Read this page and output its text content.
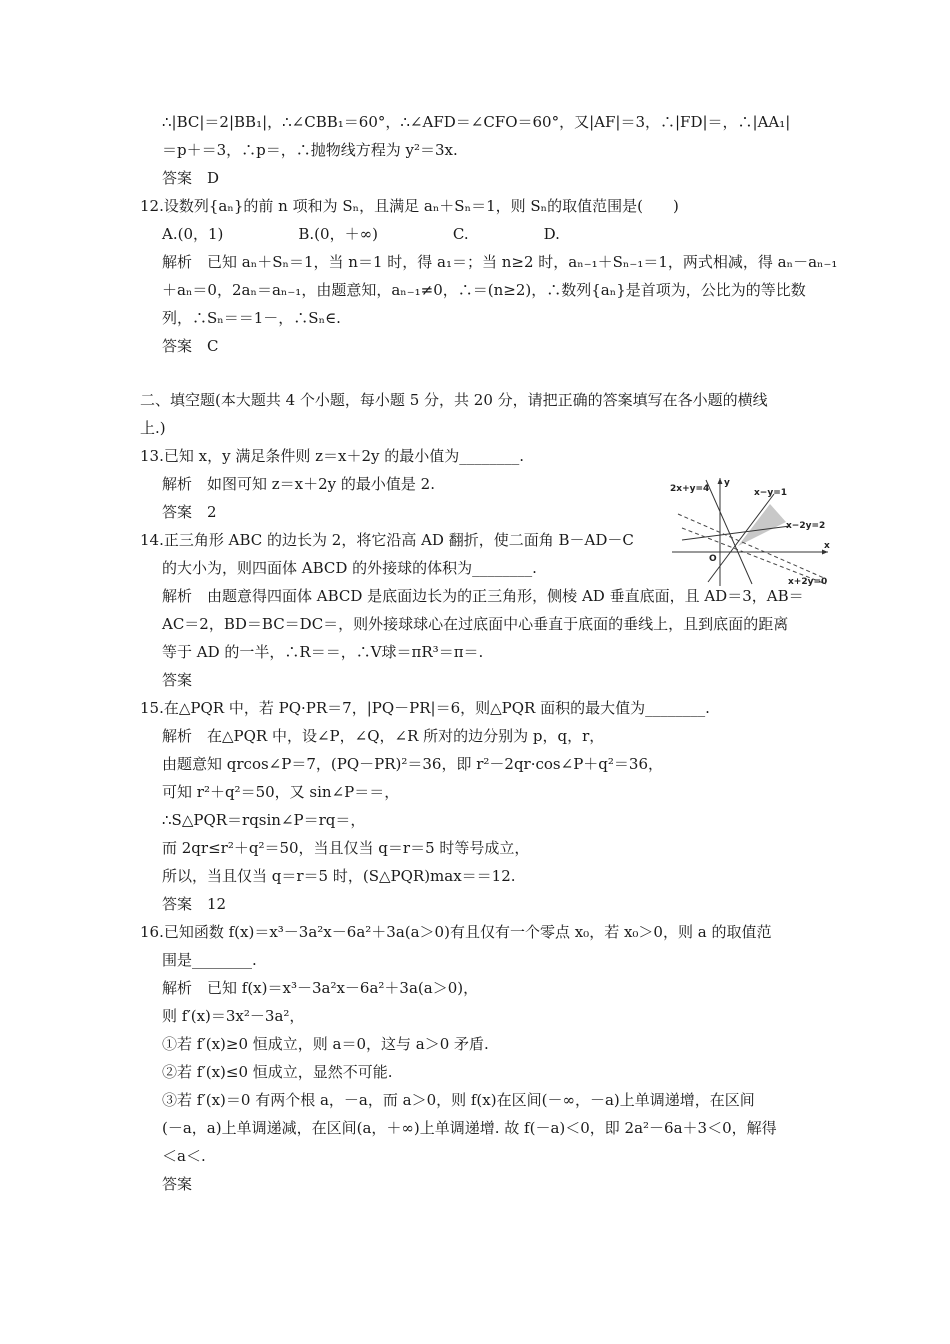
∴|BC|＝2|BB₁|，∴∠CBB₁＝60°，∴∠AFD＝∠CFO＝60°，又|AF|＝3，∴|FD|＝，∴|AA₁|
＝p＋＝3，∴p＝，∴抛物线方程为 y²＝3x.
答案　D
12.设数列{aₙ}的前 n 项和为 Sₙ，且满足 aₙ＋Sₙ＝1，则 Sₙ的取值范围是(　　)
A.(0，1)　　　　　B.(0，＋∞)　　　　　C.　　　　　D.
解析　已知 aₙ＋Sₙ＝1，当 n＝1 时，得 a₁＝；当 n≥2 时，aₙ₋₁＋Sₙ₋₁＝1，两式相减，得 aₙ－aₙ₋₁
＋aₙ＝0，2aₙ＝aₙ₋₁，由题意知，aₙ₋₁≠0，∴＝(n≥2)，∴数列{aₙ}是首项为，公比为的等比数
列，∴Sₙ＝＝1－，∴Sₙ∈.
答案　C
二、填空题(本大题共 4 个小题，每小题 5 分，共 20 分，请把正确的答案填写在各小题的横线
上.)
13.已知 x，y 满足条件则 z＝x＋2y 的最小值为________.
解析　如图可知 z＝x＋2y 的最小值是 2.
答案　2
14.正三角形 ABC 的边长为 2，将它沿高 AD 翻折，使二面角 B－AD－C
的大小为，则四面体 ABCD 的外接球的体积为________.
解析　由题意得四面体 ABCD 是底面边长为的正三角形，侧棱 AD 垂直底面，且 AD＝3，AB＝
AC＝2，BD＝BC＝DC＝，则外接球球心在过底面中心垂直于底面的垂线上，且到底面的距离
等于 AD 的一半，∴R＝＝，∴V球＝πR³＝π＝.
答案
15.在△PQR 中，若 PQ·PR＝7，|PQ－PR|＝6，则△PQR 面积的最大值为________.
解析　在△PQR 中，设∠P，∠Q，∠R 所对的边分别为 p，q，r，
由题意知 qrcos∠P＝7，(PQ－PR)²＝36，即 r²－2qr·cos∠P＋q²＝36，
可知 r²＋q²＝50，又 sin∠P＝＝，
∴S△PQR＝rqsin∠P＝rq＝，
而 2qr≤r²＋q²＝50，当且仅当 q＝r＝5 时等号成立，
所以，当且仅当 q＝r＝5 时，(S△PQR)max＝＝12.
答案　12
16.已知函数 f(x)＝x³－3a²x－6a²＋3a(a＞0)有且仅有一个零点 x₀，若 x₀＞0，则 a 的取值范
围是________.
解析　已知 f(x)＝x³－3a²x－6a²＋3a(a＞0)，
则 f′(x)＝3x²－3a²，
①若 f′(x)≥0 恒成立，则 a＝0，这与 a＞0 矛盾.
②若 f′(x)≤0 恒成立，显然不可能.
③若 f′(x)＝0 有两个根 a，－a，而 a＞0，则 f(x)在区间(－∞，－a)上单调递增，在区间
(－a，a)上单调递减，在区间(a，＋∞)上单调递增. 故 f(－a)＜0，即 2a²－6a＋3＜0，解得
＜a＜.
答案
2x+y=4
y
x−y=1
x−2y=2
O
x
x+2y=0
